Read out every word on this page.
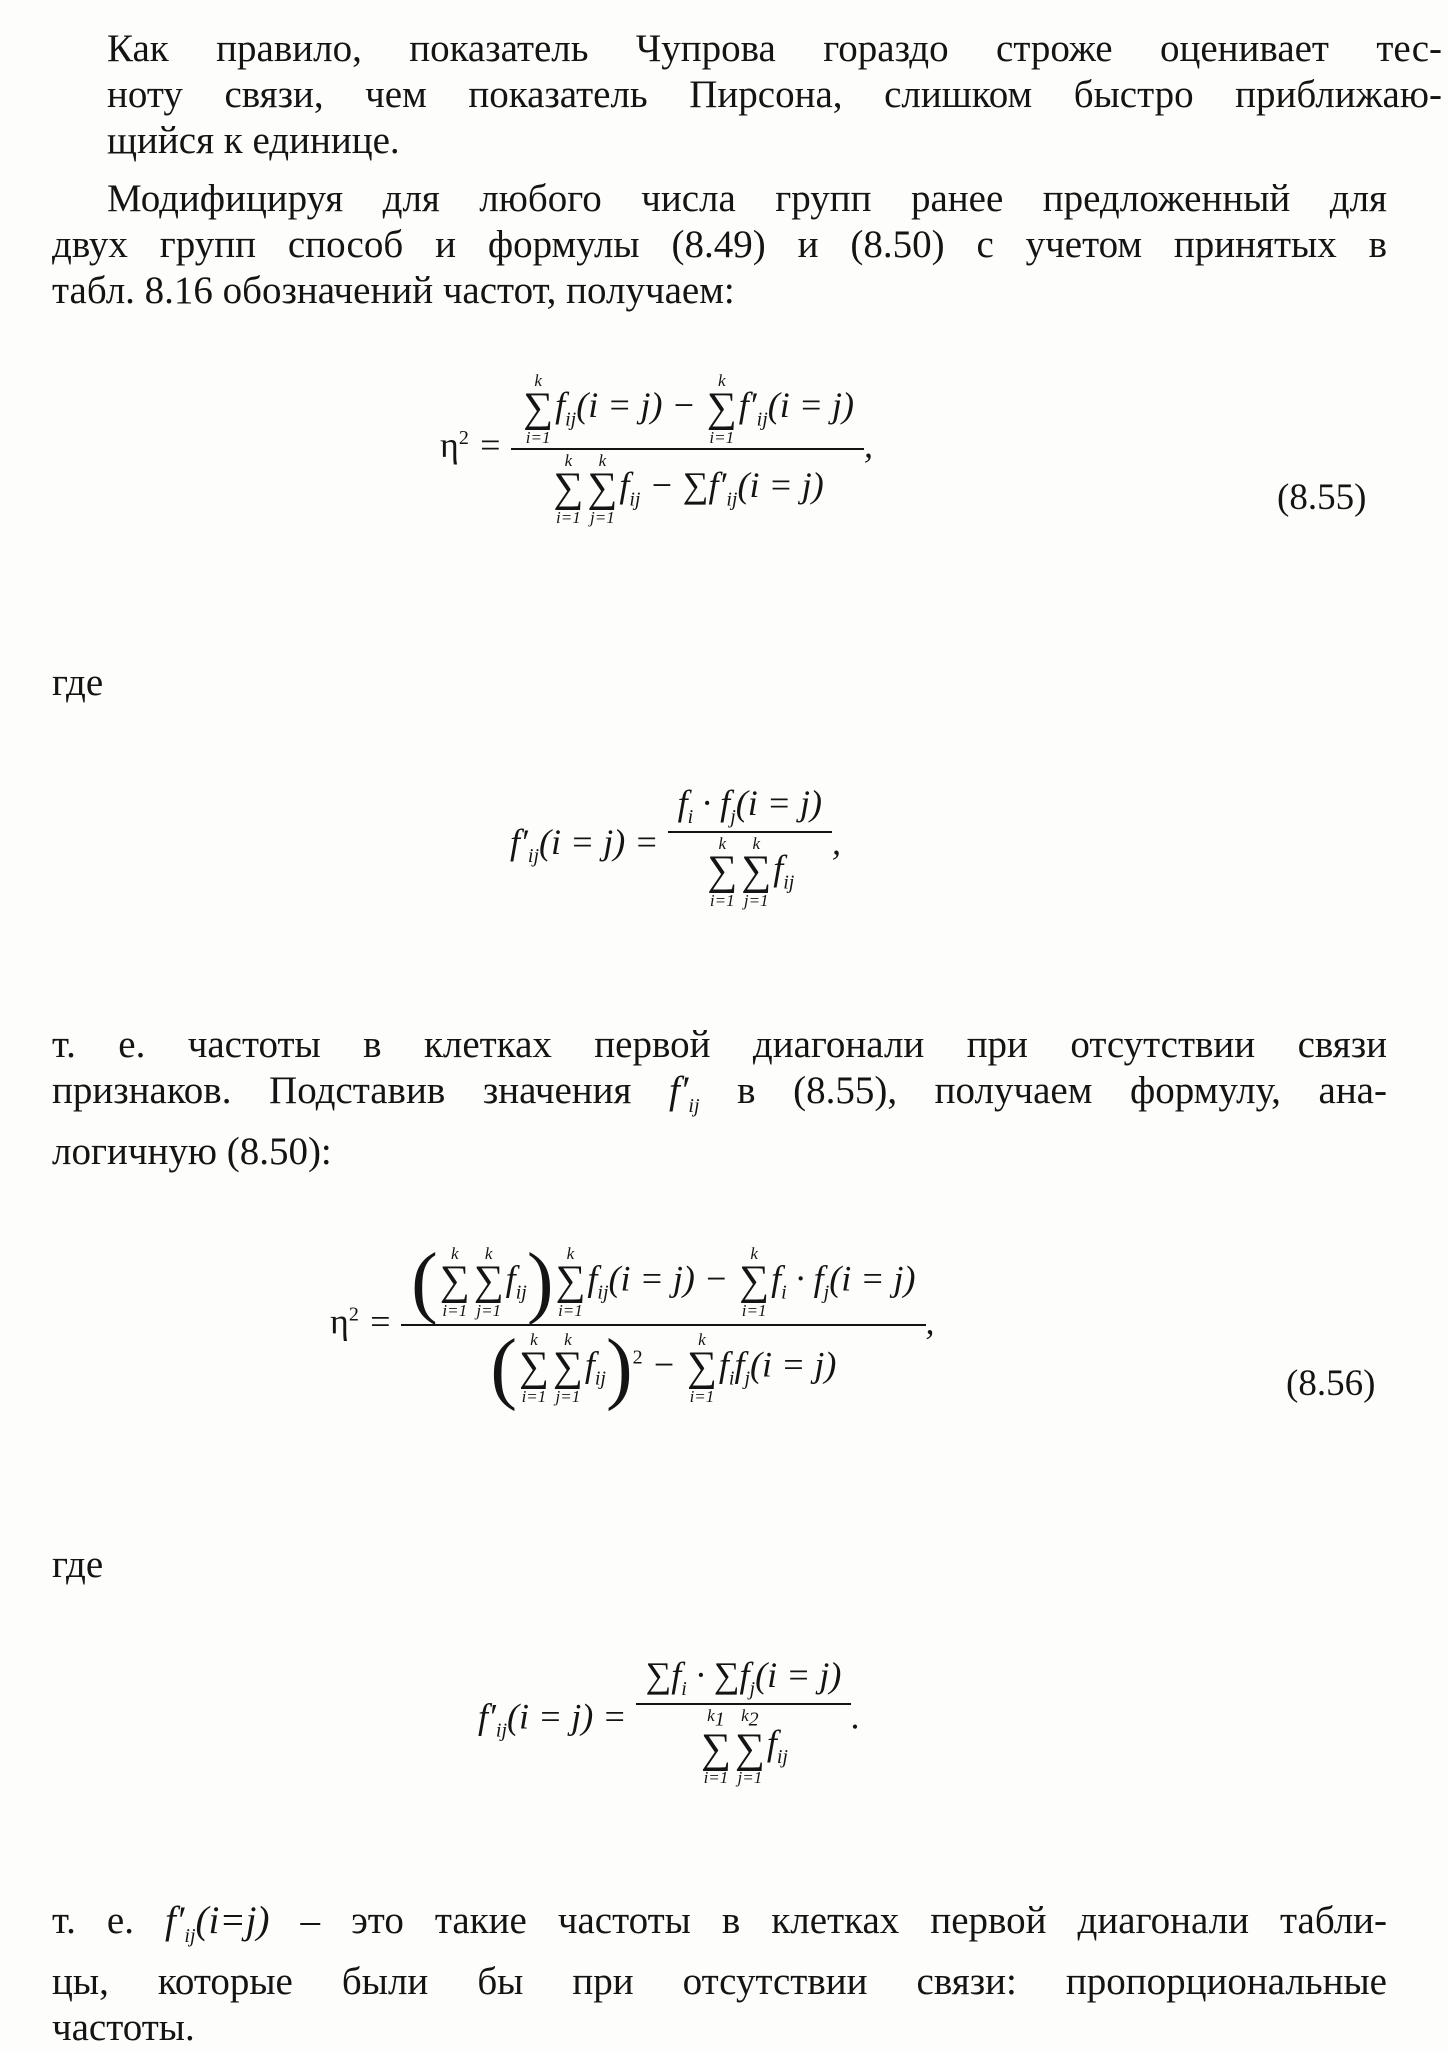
Как правило, показатель Чупрова гораздо строже оценивает тес-
ноту связи, чем показатель Пирсона, слишком быстро приближаю-
щийся к единице.

Модифицируя для любого числа групп ранее предложенный для
двух групп способ и формулы (8.49) и (8.50) с учетом принятых в
табл. 8.16 обозначений частот, получаем:

$\eta^2 = k$
∑
i=1
$f_{ij}(i = j)$ −
k
∑
i=1
$f'_{ij}(i = j)$
k
∑
i=1
k
∑
j=1
$f_{ij} - \sum f'_{ij}(i = j)$ ,
(8.55)

где

$f'_{ij}(i = j) = f_i \cdot f_j(i = j)$
k
∑
i=1
k
∑
j=1
$f_{ij}$ ,

т. е. частоты в клетках первой диагонали при отсутствии связи
признаков. Подставив значения $f'_{ij}$ в (8.55), получаем формулу, ана-
логичную (8.50):

$\eta^2$ = ( k
∑
i=1
k
∑
j=1
$f_{ij}$) k
∑
i=1
$f_{ij}(i = j)$ −
k
∑
i=1
$f_i \cdot f_j(i = j)$
( k
∑
i=1
k
∑
j=1
$f_{ij})^2$ −
k
∑
i=1
$f_if_j(i = j)$ ,
(8.56)

где

$f'_{ij}(i = j) = \sum f_i \cdot \sum f_j(i = j)$
$k_1$
∑
i=1
$k_2$
∑
j=1
$f_{ij}$ .

т. е. $f'_{ij}(i=j)$ – это такие частоты в клетках первой диагонали табли-
цы, которые были бы при отсутствии связи: пропорциональные
частоты.
